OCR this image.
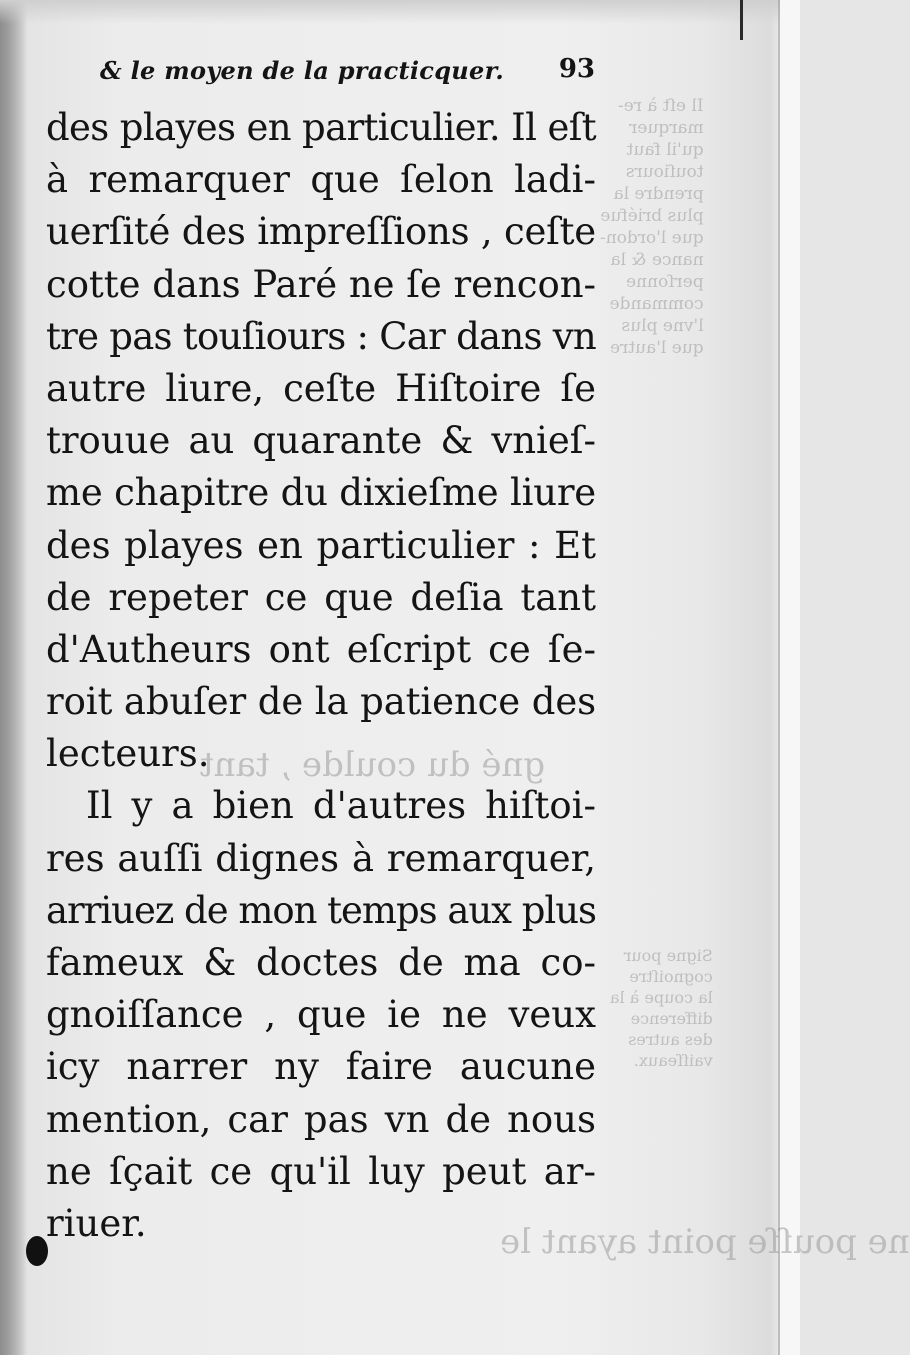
Il eſt à re-
marquer
qu'il faut
touſiours
prendre la
plus briéfue
que l'ordon-
nance & la
perſonne
commande
l'vne plus
que l'autre
Signe pour
cognoiſtre
la coupe à la
difference
des autres
vaiſſeaux.
gné du coulde , tant
ne pouſſe point ayant le
& le moyen de la practicquer. 93
des playes en particulier. Il eſt
à remarquer que ſelon ladi-
uerſité des impreſſions , ceſte
cotte dans Paré ne ſe rencon-
tre pas touſiours : Car dans vn
autre liure, ceſte Hiſtoire ſe
trouue au quarante & vnieſ-
me chapitre du dixieſme liure
des playes en particulier : Et
de repeter ce que deſia tant
d'Autheurs ont eſcript ce ſe-
roit abuſer de la patience des
lecteurs.
Il y a bien d'autres hiſtoi-
res auſſi dignes à remarquer,
arriuez de mon temps aux plus
fameux & doctes de ma co-
gnoiſſance , que ie ne veux
icy narrer ny faire aucune
mention, car pas vn de nous
ne ſçait ce qu'il luy peut ar-
riuer.
